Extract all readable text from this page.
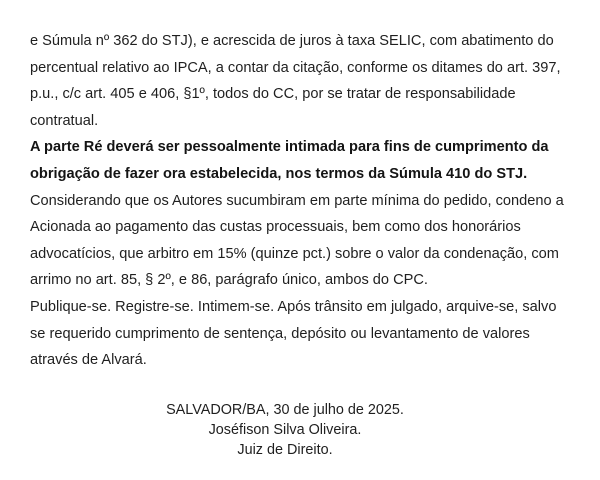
e Súmula nº 362 do STJ), e acrescida de juros à taxa SELIC, com abatimento do
percentual relativo ao IPCA, a contar da citação, conforme os ditames do art. 397,
p.u., c/c art. 405 e 406, §1º, todos do CC, por se tratar de responsabilidade
contratual.
A parte Ré deverá ser pessoalmente intimada para fins de cumprimento da
obrigação de fazer ora estabelecida, nos termos da Súmula 410 do STJ.
Considerando que os Autores sucumbiram em parte mínima do pedido, condeno a
Acionada ao pagamento das custas processuais, bem como dos honorários
advocatícios, que arbitro em 15% (quinze pct.) sobre o valor da condenação, com
arrimo no art. 85, § 2º, e 86, parágrafo único, ambos do CPC.
Publique-se. Registre-se. Intimem-se. Após trânsito em julgado, arquive-se, salvo
se requerido cumprimento de sentença, depósito ou levantamento de valores
através de Alvará.
SALVADOR/BA, 30 de julho de 2025.
Joséfison Silva Oliveira.
Juiz de Direito.
